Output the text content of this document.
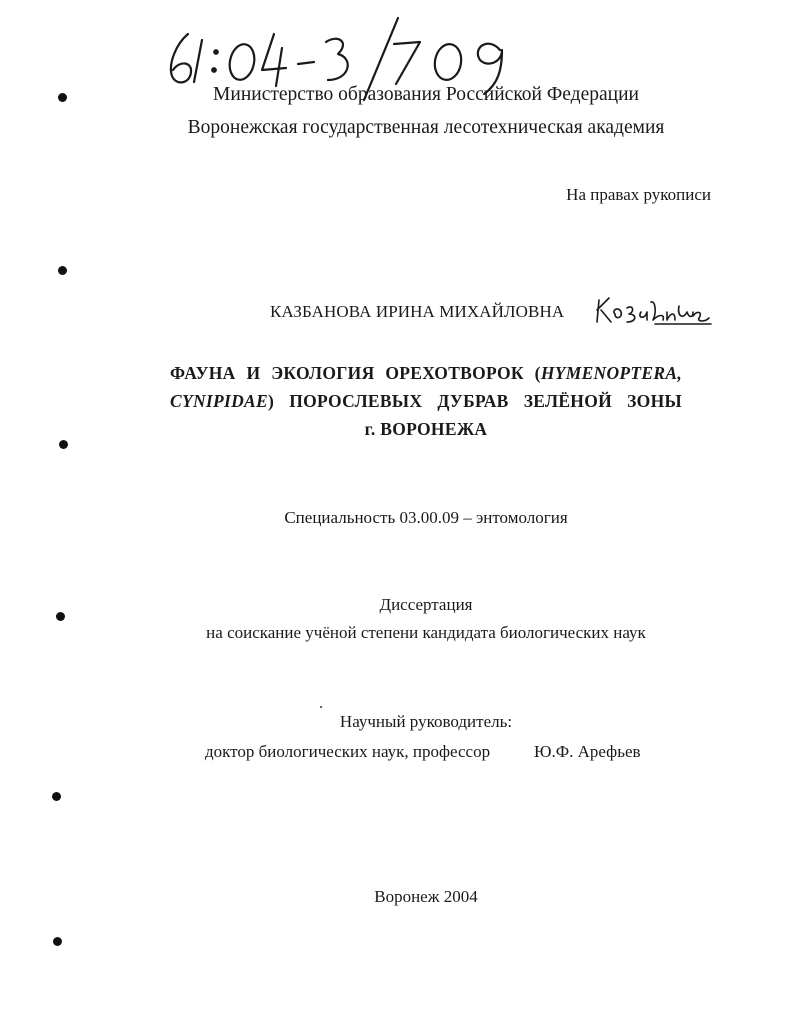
Министерство образования Российской Федерации
Воронежская государственная лесотехническая академия
На правах рукописи
КАЗБАНОВА ИРИНА МИХАЙЛОВНА
ФАУНА И ЭКОЛОГИЯ ОРЕХОТВОРОК (HYMENOPTERA,
CYNIPIDAE) ПОРОСЛЕВЫХ ДУБРАВ ЗЕЛЁНОЙ ЗОНЫ
г. ВОРОНЕЖА
Специальность 03.00.09 – энтомология
Диссертация
на соискание учёной степени кандидата биологических наук
Научный руководитель:
доктор биологических наук, профессор	Ю.Ф. Арефьев
Воронеж 2004
